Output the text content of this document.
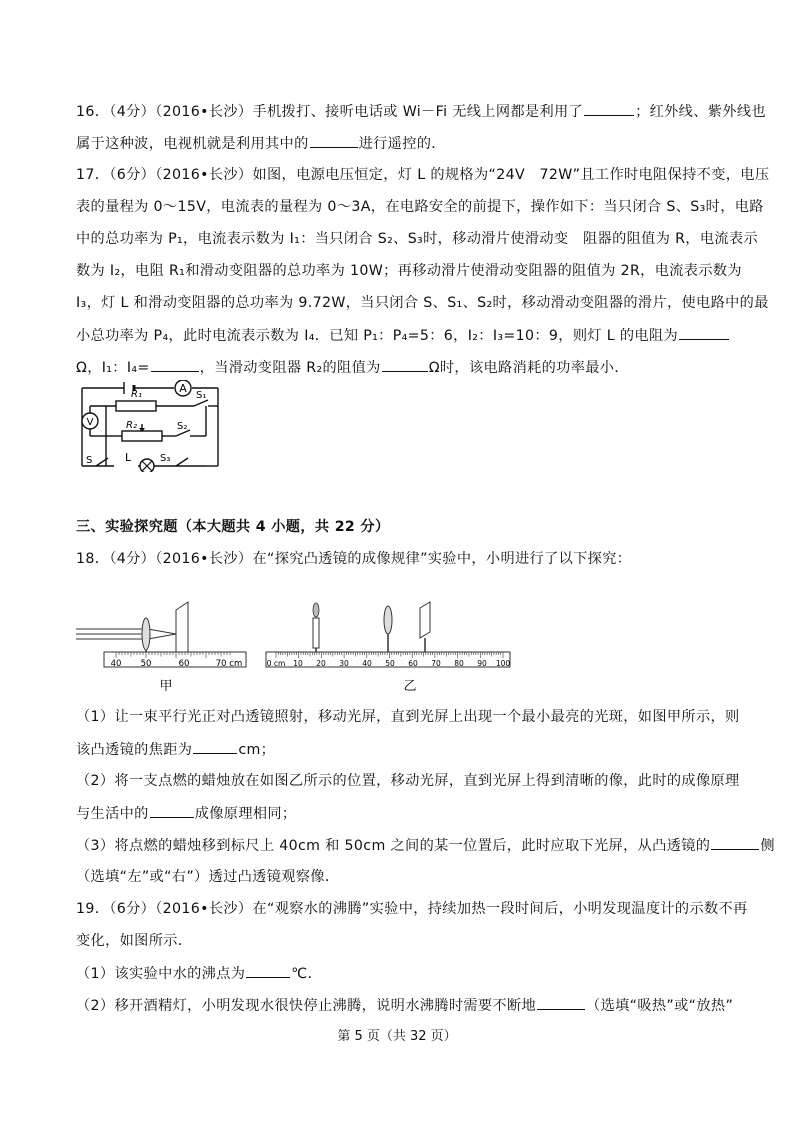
16．（4分）（2016•长沙）手机拨打、接听电话或 Wi－Fi 无线上网都是利用了	；红外线、紫外线也
属于这种波，电视机就是利用其中的	进行遥控的．
17．（6分）（2016•长沙）如图，电源电压恒定，灯 L 的规格为“24V　72W”且工作时电阻保持不变，电压
表的量程为 0～15V，电流表的量程为 0～3A，在电路安全的前提下，操作如下：当只闭合 S、S₃时，电路
中的总功率为 P₁，电流表示数为 I₁：当只闭合 S₂、S₃时，移动滑片使滑动变　阻器的阻值为 R，电流表示
数为 I₂，电阻 R₁和滑动变阻器的总功率为 10W；再移动滑片使滑动变阻器的阻值为 2R，电流表示数为
I₃，灯 L 和滑动变阻器的总功率为 9.72W，当只闭合 S、S₁、S₂时，移动滑动变阻器的滑片，使电路中的最
小总功率为 P₄，此时电流表示数为 I₄．已知 P₁：P₄=5：6，I₂：I₃=10：9，则灯 L 的电阻为
Ω，I₁：I₄=	，当滑动变阻器 R₂的阻值为	Ω时，该电路消耗的功率最小．
A
V
R₁
R₂
L
S₁
S₂
S	S₃
三、实验探究题（本大题共 4 小题，共 22 分）
18．（4分）（2016•长沙）在“探究凸透镜的成像规律”实验中，小明进行了以下探究：
40 50	60	70 cm
甲
0 cm 10 20 30 40 50 60 70 80 90 100
乙
（1）让一束平行光正对凸透镜照射，移动光屏，直到光屏上出现一个最小最亮的光斑，如图甲所示，则
该凸透镜的焦距为	cm；
（2）将一支点燃的蜡烛放在如图乙所示的位置，移动光屏，直到光屏上得到清晰的像，此时的成像原理
与生活中的	成像原理相同；
（3）将点燃的蜡烛移到标尺上 40cm 和 50cm 之间的某一位置后，此时应取下光屏，从凸透镜的	侧
（选填“左”或“右”）透过凸透镜观察像．
19．（6分）（2016•长沙）在“观察水的沸腾”实验中，持续加热一段时间后，小明发现温度计的示数不再
变化，如图所示．
（1）该实验中水的沸点为	℃．
（2）移开酒精灯，小明发现水很快停止沸腾，说明水沸腾时需要不断地	（选填“吸热”或“放热”
第 5 页（共 32 页）
